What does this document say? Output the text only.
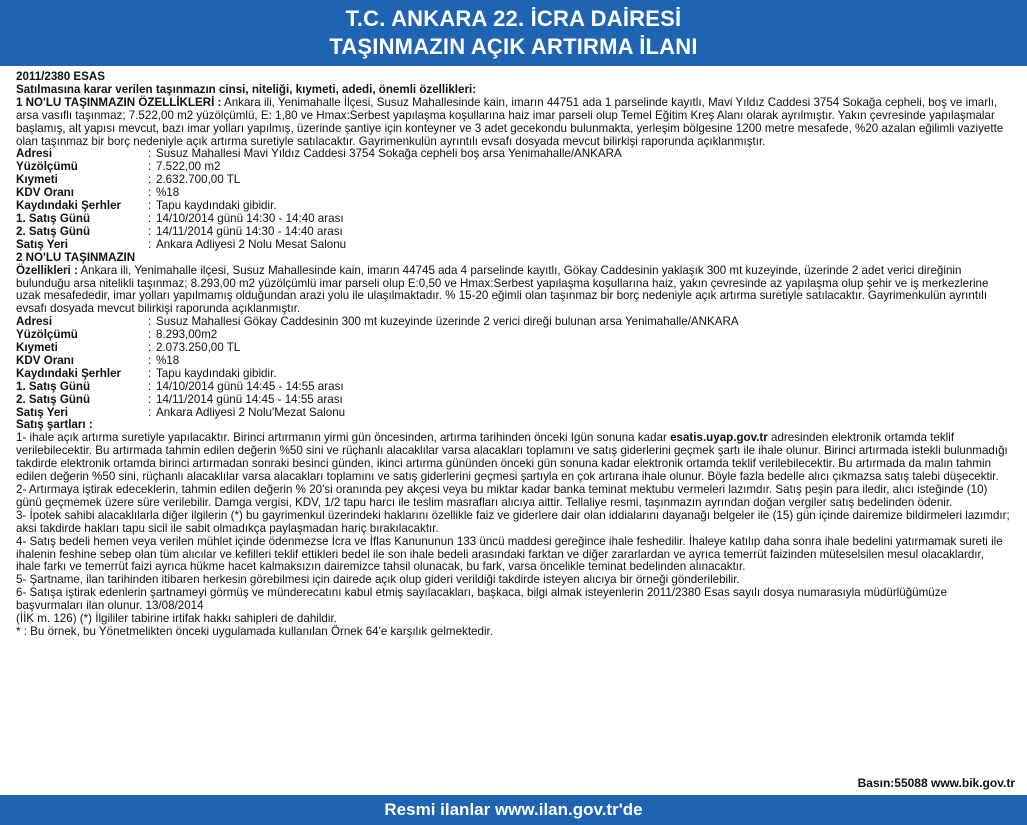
T.C. ANKARA 22. İCRA DAİRESİ
TAŞINMAZIN AÇIK ARTIRMA İLANI

2011/2380 ESAS

Satılmasına karar verilen taşınmazın cinsi, niteliği, kıymeti, adedi, önemli özellikleri:

1 NO'LU TAŞINMAZIN ÖZELLİKLERİ : Ankara ili, Yenimahalle İlçesi, Susuz Mahallesinde kain, imarın 44751 ada 1 parselinde kayıtlı, Mavi Yıldız Caddesi 3754 Sokağa cepheli, boş ve imarlı, arsa vasıflı taşınmaz; 7.522,00 m2 yüzölçümlü, E: 1,80 ve Hmax:Serbest yapılaşma koşullarına haiz imar parseli olup Temel Eğitim Kreş Alanı olarak ayrılmıştır. Yakın çevresinde yapılaşmalar başlamış, alt yapısı mevcut, bazı imar yolları yapılmış, üzerinde şantiye için konteyner ve 3 adet gecekondu bulunmakta, yerleşim bölgesine 1200 metre mesafede, %20 azalan eğilimli vaziyette olan taşınmaz bir borç nedeniyle açık artırma suretiyle satılacaktır. Gayrimenkulün ayrıntılı evsafı dosyada mevcut bilirkişi raporunda açıklanmıştır.

Adresi	: Susuz Mahallesi Mavi Yıldız Caddesi 3754 Sokağa cepheli boş arsa Yenimahalle/ANKARA
Yüzölçümü	: 7.522,00 m2
Kıymeti	: 2.632.700,00 TL
KDV Oranı	: %18
Kaydındaki Şerhler	: Tapu kaydındaki gibidir.
1. Satış Günü	: 14/10/2014 günü 14:30 - 14:40 arası
2. Satış Günü	: 14/11/2014 günü 14:30 - 14:40 arası
Satış Yeri	: Ankara Adliyesi 2 Nolu Mesat Salonu

2 NO'LU TAŞINMAZIN

Özellikleri : Ankara ili, Yenimahalle ilçesi, Susuz Mahallesinde kain, imarın 44745 ada 4 parselinde kayıtlı, Gökay Caddesinin yaklaşık 300 mt kuzeyinde, üzerinde 2 adet verici direğinin bulunduğu arsa nitelikli taşınmaz; 8.293,00 m2 yüzölçümlü imar parseli olup E:0,50 ve Hmax:Serbest yapılaşma koşullarına haiz, yakın çevresinde az yapılaşma olup şehir ve iş merkezlerine uzak mesafededir, imar yolları yapılmamış olduğundan arazi yolu ile ulaşılmaktadır. % 15-20 eğimli olan taşınmaz bir borç nedeniyle açık artırma suretiyle satılacaktır. Gayrimenkulün ayrıntılı evsafı dosyada mevcut bilirkişi raporunda açıklanmıştır.

Adresi	: Susuz Mahallesi Gökay Caddesinin 300 mt kuzeyinde üzerinde 2 verici direği bulunan arsa Yenimahalle/ANKARA
Yüzölçümü	: 8.293,00m2
Kıymeti	: 2.073.250,00 TL
KDV Oranı	: %18
Kaydındaki Şerhler	: Tapu kaydındaki gibidir.
1. Satış Günü	: 14/10/2014 günü 14:45 - 14:55 arası
2. Satış Günü	: 14/11/2014 günü 14:45 - 14:55 arası
Satış Yeri	: Ankara Adliyesi 2 Nolu'Mezat Salonu

Satış şartları :

1- ihale açık artırma suretiyle yapılacaktır. Birinci artırmanın yirmi gün öncesinden, artırma tarihinden önceki Igün sonuna kadar esatis.uyap.gov.tr adresinden elektronik ortamda teklif verilebilecektir. Bu artırmada tahmin edilen değerin %50 sini ve rüçhanlı alacaklılar varsa alacakları toplamını ve satış giderlerini geçmek şartı ile ihale olunur. Birinci artırmada istekli bulunmadığı takdirde elektronik ortamda birinci artırmadan sonraki besinci günden, ikinci artırma gününden önceki gün sonuna kadar elektronik ortamda teklif verilebilecektir. Bu artırmada da malın tahmin edilen değerin %50 sini, rüçhanlı alacaklılar varsa alacakları toplamını ve satış giderlerini geçmesi şartıyla en çok artırana ihale olunur. Böyle fazla bedelle alıcı çıkmazsa satış talebi düşecektir.

2- Artırmaya iştirak edeceklerin, tahmin edilen değerin % 20'si oranında pey akçesi veya bu miktar kadar banka teminat mektubu vermeleri lazımdır. Satış peşin para iledir, alıcı isteğinde (10) günü geçmemek üzere süre verilebilir. Damga vergisi, KDV, 1/2 tapu harcı ile teslim masrafları alıcıya aittir. Tellaliye resmi, taşınmazın ayrından doğan vergiler satış bedelinden ödenir.

3- İpotek sahibi alacaklılarla diğer ilgilerin (*) bu gayrimenkul üzerindeki haklarını özellikle faiz ve giderlere dair olan iddialarını dayanağı belgeler ile (15) gün içinde dairemize bildirmeleri lazımdır; aksi takdirde hakları tapu sicil ile sabit olmadıkça paylaşmadan hariç bırakılacaktır.

4- Satış bedeli hemen veya verilen mühlet içinde ödenmezse İcra ve İflas Kanununun 133 üncü maddesi gereğince ihale feshedilir. İhaleye katılıp daha sonra ihale bedelini yatırmamak sureti ile ihalenin feshine sebep olan tüm alıcılar ve kefilleri teklif ettikleri bedel ile son ihale bedeli arasındaki farktan ve diğer zararlardan ve ayrıca temerrüt faizinden müteselsilen mesul olacaklardır, ihale farkı ve temerrüt faizi ayrıca hükme hacet kalmaksızın dairemizce tahsil olunacak, bu fark, varsa öncelikle teminat bedelinden alınacaktır.

5- Şartname, ilan tarihinden itibaren herkesin görebilmesi için dairede açık olup gideri verildiği takdirde isteyen alıcıya bir örneği gönderilebilir.

6- Satışa iştirak edenlerin şartnameyi görmüş ve münderecatını kabul etmiş sayılacakları, başkaca, bilgi almak isteyenlerin 2011/2380 Esas sayılı dosya numarasıyla müdürlüğümüze başvurmaları ilan olunur. 13/08/2014

(İİK m. 126) (*) İlgililer tabirine irtifak hakkı sahipleri de dahildir.

* : Bu örnek, bu Yönetmelikten önceki uygulamada kullanılan Örnek 64'e karşılık gelmektedir.

Basın:55088 www.bik.gov.tr
Resmi ilanlar www.ilan.gov.tr'de
